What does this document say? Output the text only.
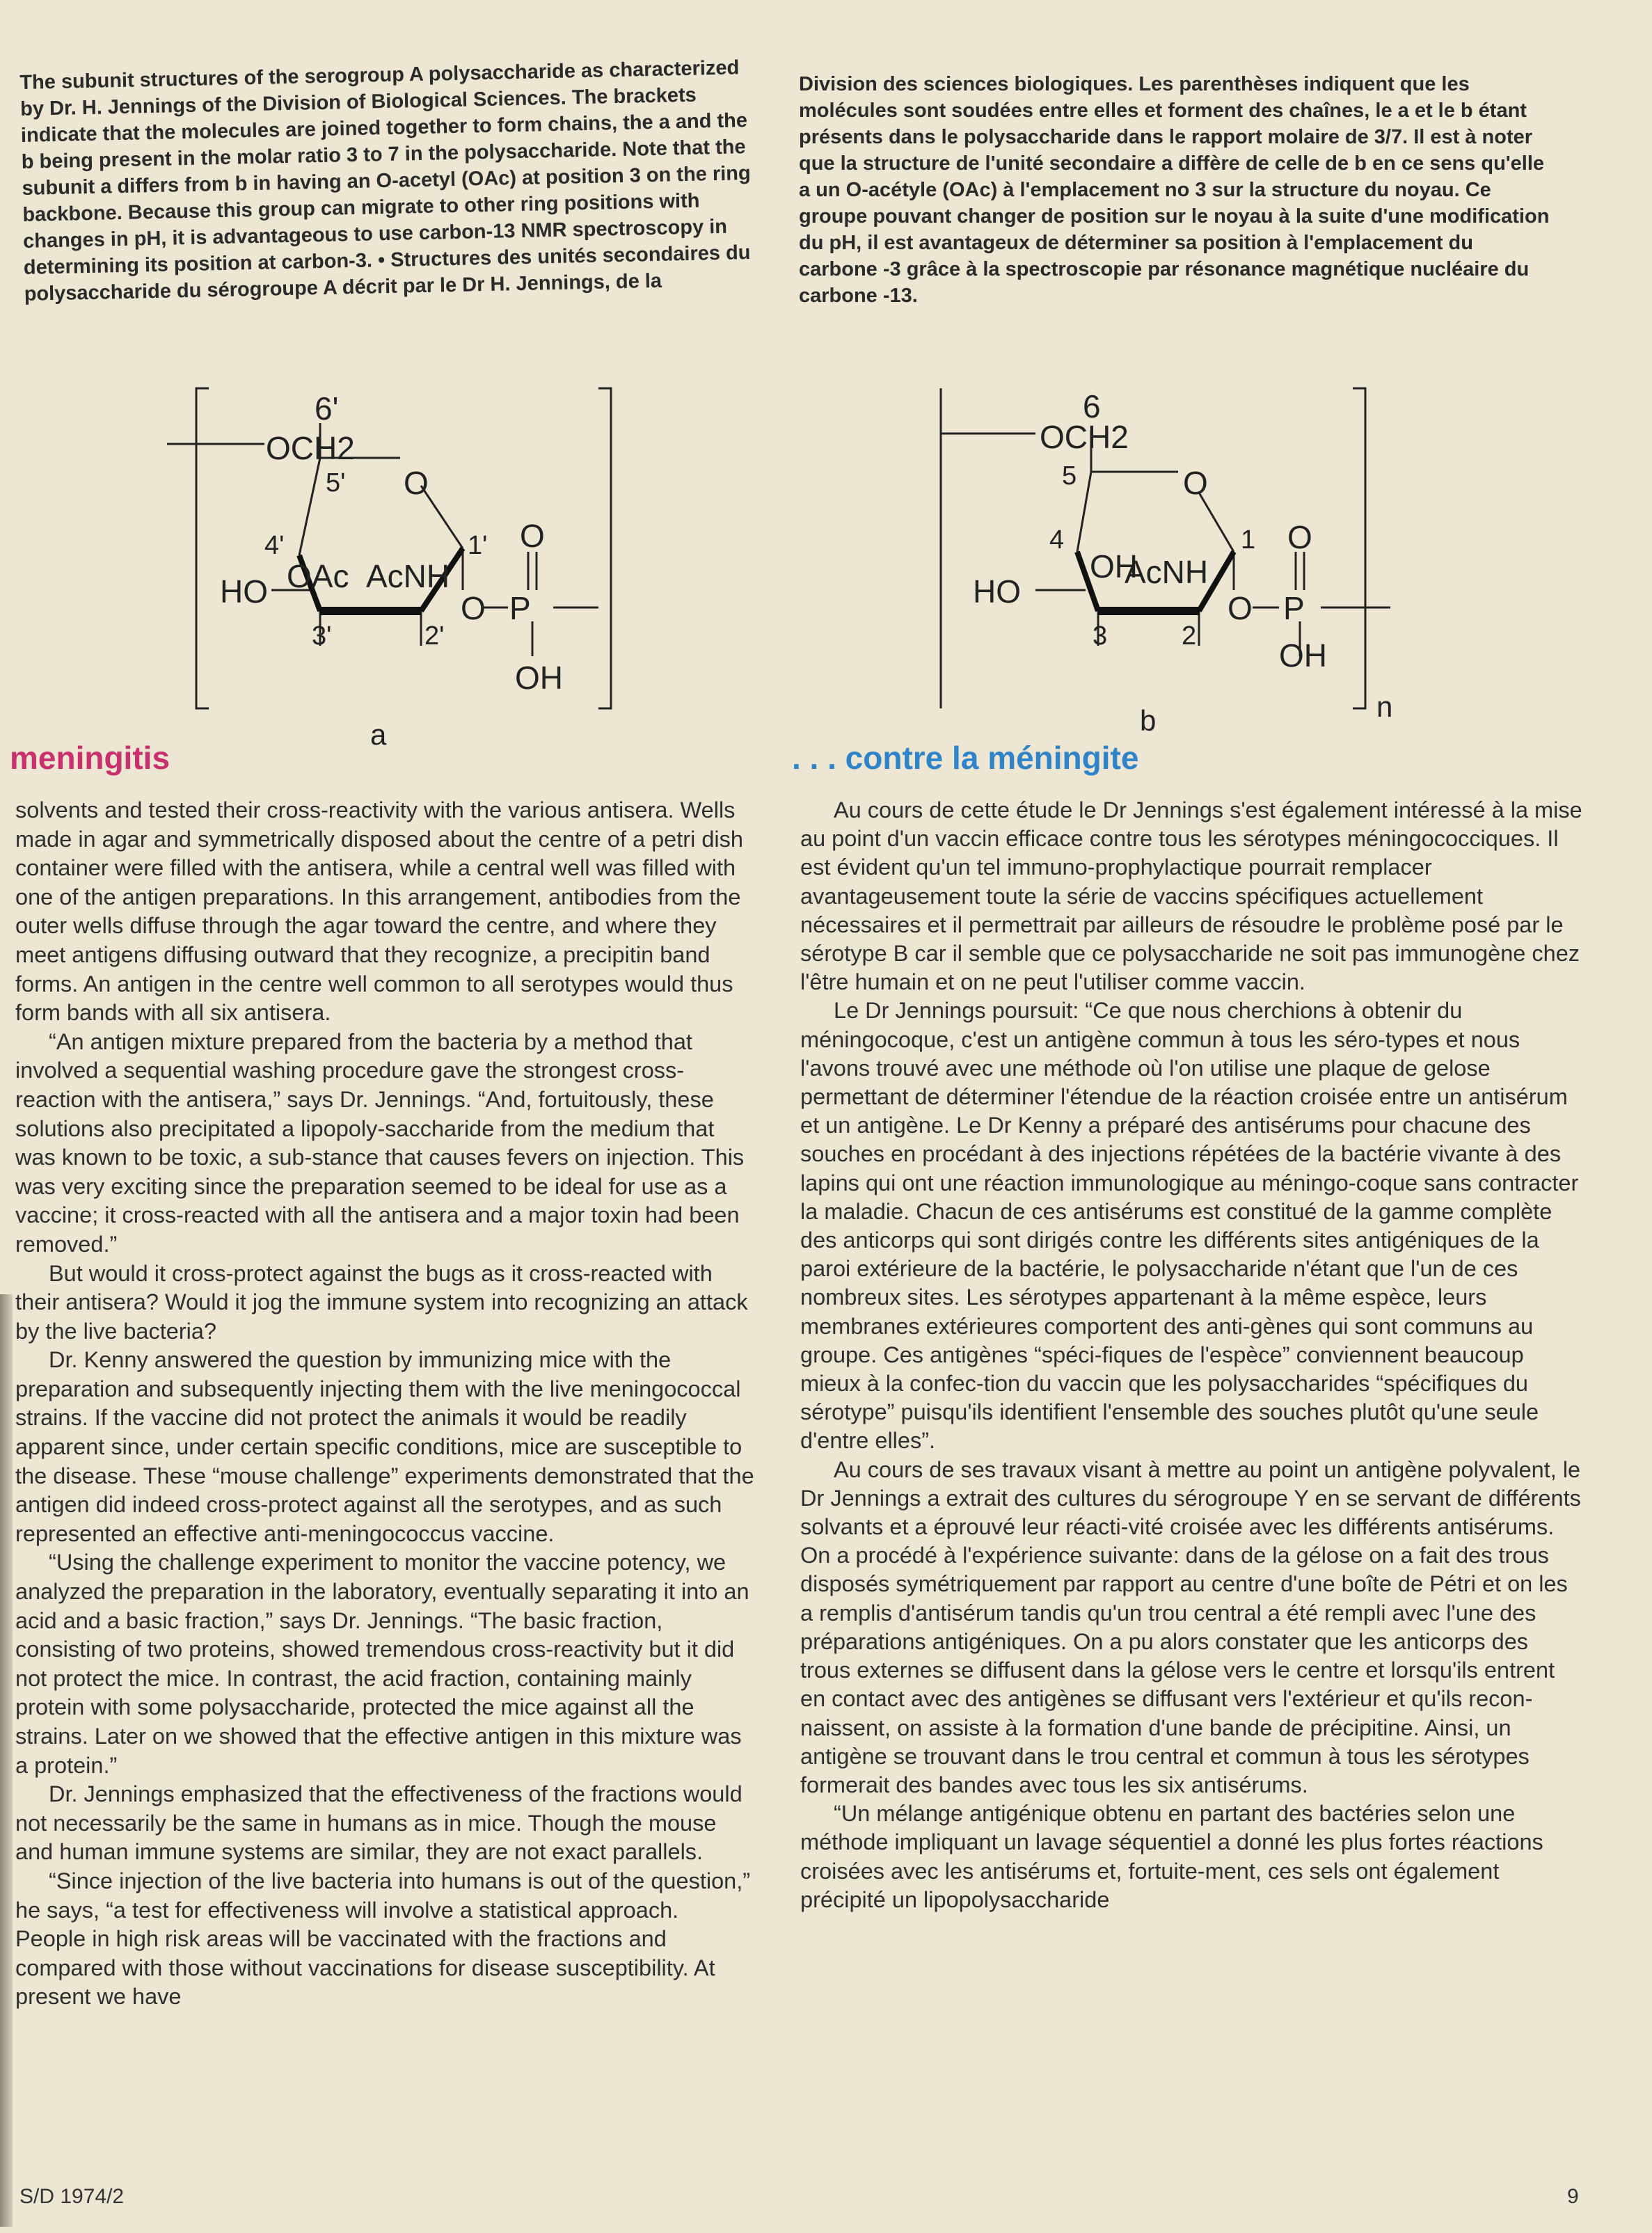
The subunit structures of the serogroup A polysaccharide as characterized by Dr. H. Jennings of the Division of Biological Sciences. The brackets indicate that the molecules are joined together to form chains, the a and the b being present in the molar ratio 3 to 7 in the polysaccharide. Note that the subunit a differs from b in having an O-acetyl (OAc) at position 3 on the ring backbone. Because this group can migrate to other ring positions with changes in pH, it is advantageous to use carbon-13 NMR spectroscopy in determining its position at carbon-3. • Structures des unités secondaires du polysaccharide du sérogroupe A décrit par le Dr H. Jennings, de la

Division des sciences biologiques. Les parenthèses indiquent que les molécules sont soudées entre elles et forment des chaînes, le a et le b étant présents dans le polysaccharide dans le rapport molaire de 3/7. Il est à noter que la structure de l'unité secondaire a diffère de celle de b en ce sens qu'elle a un O-acétyle (OAc) à l'emplacement no 3 sur la structure du noyau. Ce groupe pouvant changer de position sur le noyau à la suite d'une modification du pH, il est avantageux de déterminer sa position à l'emplacement du carbone -3 grâce à la spectroscopie par résonance magnétique nucléaire du carbone -13.

6'
OCH2
5' O
4'	1'
HO OAc AcNH
3'	2'
O P
O
OH
a
6
OCH2
5	O
4	1
HO
OH
AcNH
3	2
O P
O
OH
b	n
meningitis	. . . contre la méningite

solvents and tested their cross-reactivity with the various antisera. Wells made in agar and symmetrically disposed about the centre of a petri dish container were filled with the antisera, while a central well was filled with one of the antigen preparations. In this arrangement, antibodies from the outer wells diffuse through the agar toward the centre, and where they meet antigens diffusing outward that they recognize, a precipitin band forms. An antigen in the centre well common to all serotypes would thus form bands with all six antisera.

“An antigen mixture prepared from the bacteria by a method that involved a sequential washing procedure gave the strongest cross-reaction with the antisera,” says Dr. Jennings. “And, fortuitously, these solutions also precipitated a lipopoly-saccharide from the medium that was known to be toxic, a sub-stance that causes fevers on injection. This was very exciting since the preparation seemed to be ideal for use as a vaccine; it cross-reacted with all the antisera and a major toxin had been removed.”

But would it cross-protect against the bugs as it cross-reacted with their antisera? Would it jog the immune system into recognizing an attack by the live bacteria?

Dr. Kenny answered the question by immunizing mice with the preparation and subsequently injecting them with the live meningococcal strains. If the vaccine did not protect the animals it would be readily apparent since, under certain specific conditions, mice are susceptible to the disease. These “mouse challenge” experiments demonstrated that the antigen did indeed cross-protect against all the serotypes, and as such represented an effective anti-meningococcus vaccine.

“Using the challenge experiment to monitor the vaccine potency, we analyzed the preparation in the laboratory, eventually separating it into an acid and a basic fraction,” says Dr. Jennings. “The basic fraction, consisting of two proteins, showed tremendous cross-reactivity but it did not protect the mice. In contrast, the acid fraction, containing mainly protein with some polysaccharide, protected the mice against all the strains. Later on we showed that the effective antigen in this mixture was a protein.”

Dr. Jennings emphasized that the effectiveness of the fractions would not necessarily be the same in humans as in mice. Though the mouse and human immune systems are similar, they are not exact parallels.

“Since injection of the live bacteria into humans is out of the question,” he says, “a test for effectiveness will involve a statistical approach. People in high risk areas will be vaccinated with the fractions and compared with those without vaccinations for disease susceptibility. At present we have

Au cours de cette étude le Dr Jennings s'est également intéressé à la mise au point d'un vaccin efficace contre tous les sérotypes méningococciques. Il est évident qu'un tel immuno-prophylactique pourrait remplacer avantageusement toute la série de vaccins spécifiques actuellement nécessaires et il permettrait par ailleurs de résoudre le problème posé par le sérotype B car il semble que ce polysaccharide ne soit pas immunogène chez l'être humain et on ne peut l'utiliser comme vaccin.

Le Dr Jennings poursuit: “Ce que nous cherchions à obtenir du méningocoque, c'est un antigène commun à tous les séro-types et nous l'avons trouvé avec une méthode où l'on utilise une plaque de gelose permettant de déterminer l'étendue de la réaction croisée entre un antisérum et un antigène. Le Dr Kenny a préparé des antisérums pour chacune des souches en procédant à des injections répétées de la bactérie vivante à des lapins qui ont une réaction immunologique au méningo-coque sans contracter la maladie. Chacun de ces antisérums est constitué de la gamme complète des anticorps qui sont dirigés contre les différents sites antigéniques de la paroi extérieure de la bactérie, le polysaccharide n'étant que l'un de ces nombreux sites. Les sérotypes appartenant à la même espèce, leurs membranes extérieures comportent des anti-gènes qui sont communs au groupe. Ces antigènes “spéci-fiques de l'espèce” conviennent beaucoup mieux à la confec-tion du vaccin que les polysaccharides “spécifiques du sérotype” puisqu'ils identifient l'ensemble des souches plutôt qu'une seule d'entre elles”.

Au cours de ses travaux visant à mettre au point un antigène polyvalent, le Dr Jennings a extrait des cultures du sérogroupe Y en se servant de différents solvants et a éprouvé leur réacti-vité croisée avec les différents antisérums. On a procédé à l'expérience suivante: dans de la gélose on a fait des trous disposés symétriquement par rapport au centre d'une boîte de Pétri et on les a remplis d'antisérum tandis qu'un trou central a été rempli avec l'une des préparations antigéniques. On a pu alors constater que les anticorps des trous externes se diffusent dans la gélose vers le centre et lorsqu'ils entrent en contact avec des antigènes se diffusant vers l'extérieur et qu'ils recon-naissent, on assiste à la formation d'une bande de précipitine. Ainsi, un antigène se trouvant dans le trou central et commun à tous les sérotypes formerait des bandes avec tous les six antisérums.

“Un mélange antigénique obtenu en partant des bactéries selon une méthode impliquant un lavage séquentiel a donné les plus fortes réactions croisées avec les antisérums et, fortuite-ment, ces sels ont également précipité un lipopolysaccharide

S/D 1974/2	9
